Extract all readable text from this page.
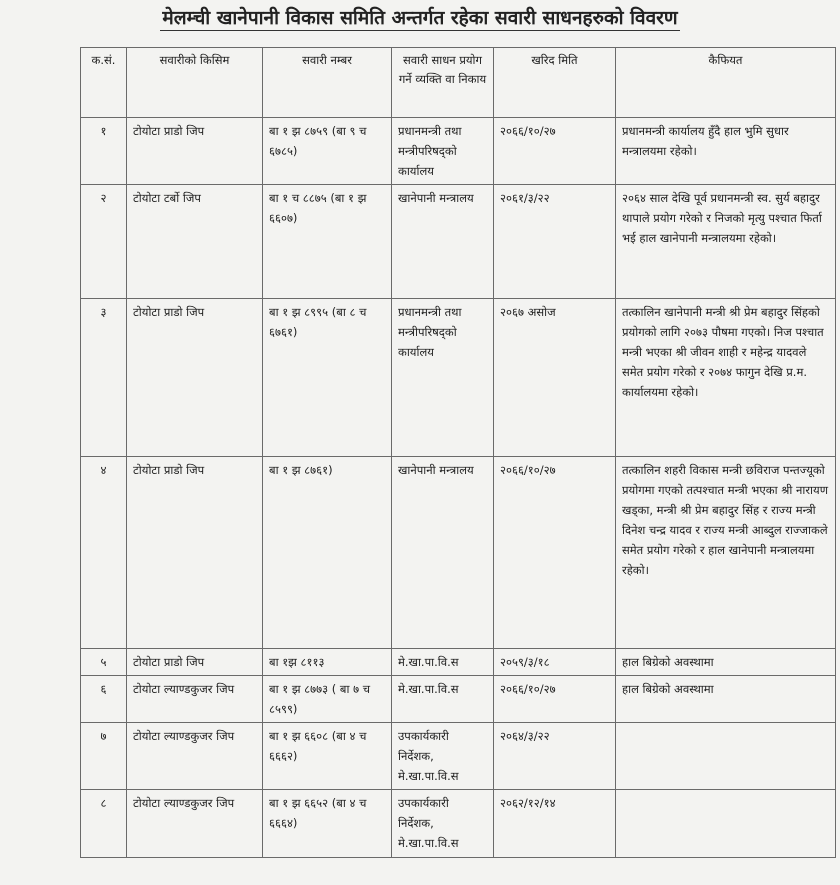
मेलम्ची खानेपानी विकास समिति अन्तर्गत रहेका सवारी साधनहरुको विवरण
क.सं.	सवारीको किसिम	सवारी नम्बर	सवारी साधन प्रयोग गर्ने व्यक्ति वा निकाय	खरिद मिति	कैफियत
१	टोयोटा प्राडो जिप	बा १ झ ८७५९ (बा ९ च ६७८५)	प्रधानमन्त्री तथा मन्त्रीपरिषद्को कार्यालय	२०६६/१०/२७	प्रधानमन्त्री कार्यालय हुँदै हाल भुमि सुधार मन्त्रालयमा रहेको।
२	टोयोटा टर्बो जिप	बा १ च ८८७५ (बा १ झ ६६०७)	खानेपानी मन्त्रालय	२०६१/३/२२	२०६४ साल देखि पूर्व प्रधानमन्त्री स्व. सुर्य बहादुर थापाले प्रयोग गरेको र निजको मृत्यु पश्चात फिर्ता भई हाल खानेपानी मन्त्रालयमा रहेको।
३	टोयोटा प्राडो जिप	बा १ झ ८९९५ (बा ८ च ६७६१)	प्रधानमन्त्री तथा मन्त्रीपरिषद्को कार्यालय	२०६७ असोज	तत्कालिन खानेपानी मन्त्री श्री प्रेम बहादुर सिंहको प्रयोगको लागि २०७३ पौषमा गएको। निज पश्चात मन्त्री भएका श्री जीवन शाही र महेन्द्र यादवले समेत प्रयोग गरेको र २०७४ फागुन देखि प्र.म. कार्यालयमा रहेको।
४	टोयोटा प्राडो जिप	बा १ झ ८७६१)	खानेपानी मन्त्रालय	२०६६/१०/२७	तत्कालिन शहरी विकास मन्त्री छविराज पन्तज्यूको प्रयोगमा गएको तत्पश्चात मन्त्री भएका श्री नारायण खड्का, मन्त्री श्री प्रेम बहादुर सिंह र राज्य मन्त्री दिनेश चन्द्र यादव र राज्य मन्त्री आब्दुल राज्जाकले समेत प्रयोग गरेको र हाल खानेपानी मन्त्रालयमा रहेको।
५	टोयोटा प्राडो जिप	बा १झ ८११३	मे.खा.पा.वि.स	२०५९/३/१८	हाल बिग्रेको अवस्थामा
६	टोयोटा ल्याण्डकुजर जिप	बा १ झ ८७७३ ( बा ७ च ८५९९)	मे.खा.पा.वि.स	२०६६/१०/२७	हाल बिग्रेको अवस्थामा
७	टोयोटा ल्याण्डकुजर जिप	बा १ झ ६६०८ (बा ४ च ६६६२)	उपकार्यकारी निर्देशक, मे.खा.पा.वि.स	२०६४/३/२२	
८	टोयोटा ल्याण्डकुजर जिप	बा १ झ ६६५२ (बा ४ च ६६६४)	उपकार्यकारी निर्देशक, मे.खा.पा.वि.स	२०६२/१२/१४	
